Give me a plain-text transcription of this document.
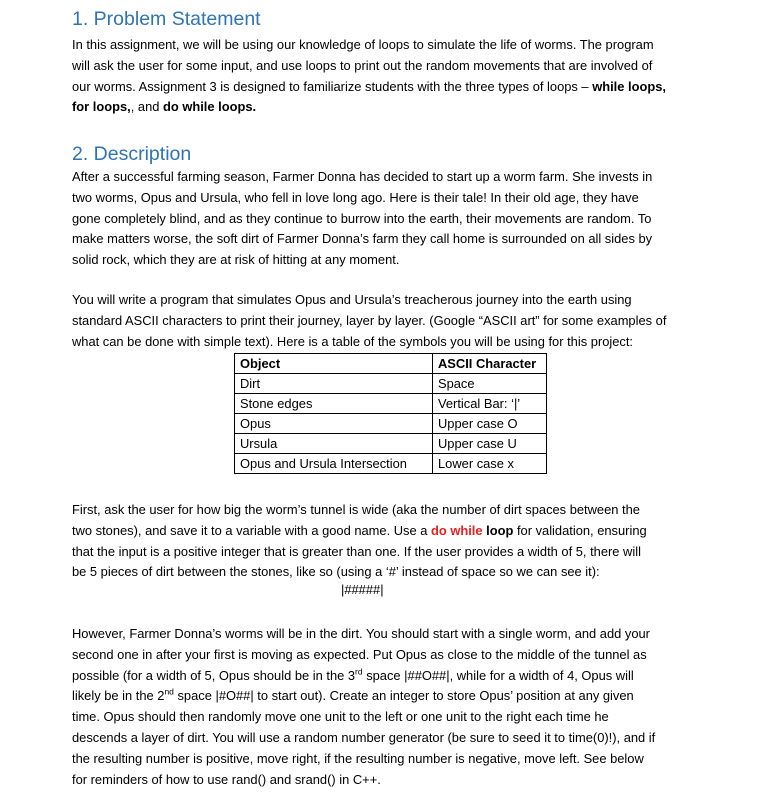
1. Problem Statement
In this assignment, we will be using our knowledge of loops to simulate the life of worms. The program
will ask the user for some input, and use loops to print out the random movements that are involved of
our worms. Assignment 3 is designed to familiarize students with the three types of loops – while loops,
for loops,, and do while loops.
2. Description
After a successful farming season, Farmer Donna has decided to start up a worm farm. She invests in
two worms, Opus and Ursula, who fell in love long ago. Here is their tale! In their old age, they have
gone completely blind, and as they continue to burrow into the earth, their movements are random. To
make matters worse, the soft dirt of Farmer Donna’s farm they call home is surrounded on all sides by
solid rock, which they are at risk of hitting at any moment.
You will write a program that simulates Opus and Ursula’s treacherous journey into the earth using
standard ASCII characters to print their journey, layer by layer. (Google “ASCII art” for some examples of
what can be done with simple text). Here is a table of the symbols you will be using for this project:
Object	ASCII Character
Dirt	Space
Stone edges	Vertical Bar: ‘|’
Opus	Upper case O
Ursula	Upper case U
Opus and Ursula Intersection	Lower case x
First, ask the user for how big the worm’s tunnel is wide (aka the number of dirt spaces between the
two stones), and save it to a variable with a good name. Use a do while loop for validation, ensuring
that the input is a positive integer that is greater than one. If the user provides a width of 5, there will
be 5 pieces of dirt between the stones, like so (using a ‘#’ instead of space so we can see it):
|#####|
However, Farmer Donna’s worms will be in the dirt. You should start with a single worm, and add your
second one in after your first is moving as expected. Put Opus as close to the middle of the tunnel as
possible (for a width of 5, Opus should be in the 3rd space |##O##|, while for a width of 4, Opus will
likely be in the 2nd space |#O##| to start out). Create an integer to store Opus’ position at any given
time. Opus should then randomly move one unit to the left or one unit to the right each time he
descends a layer of dirt. You will use a random number generator (be sure to seed it to time(0)!), and if
the resulting number is positive, move right, if the resulting number is negative, move left. See below
for reminders of how to use rand() and srand() in C++.
